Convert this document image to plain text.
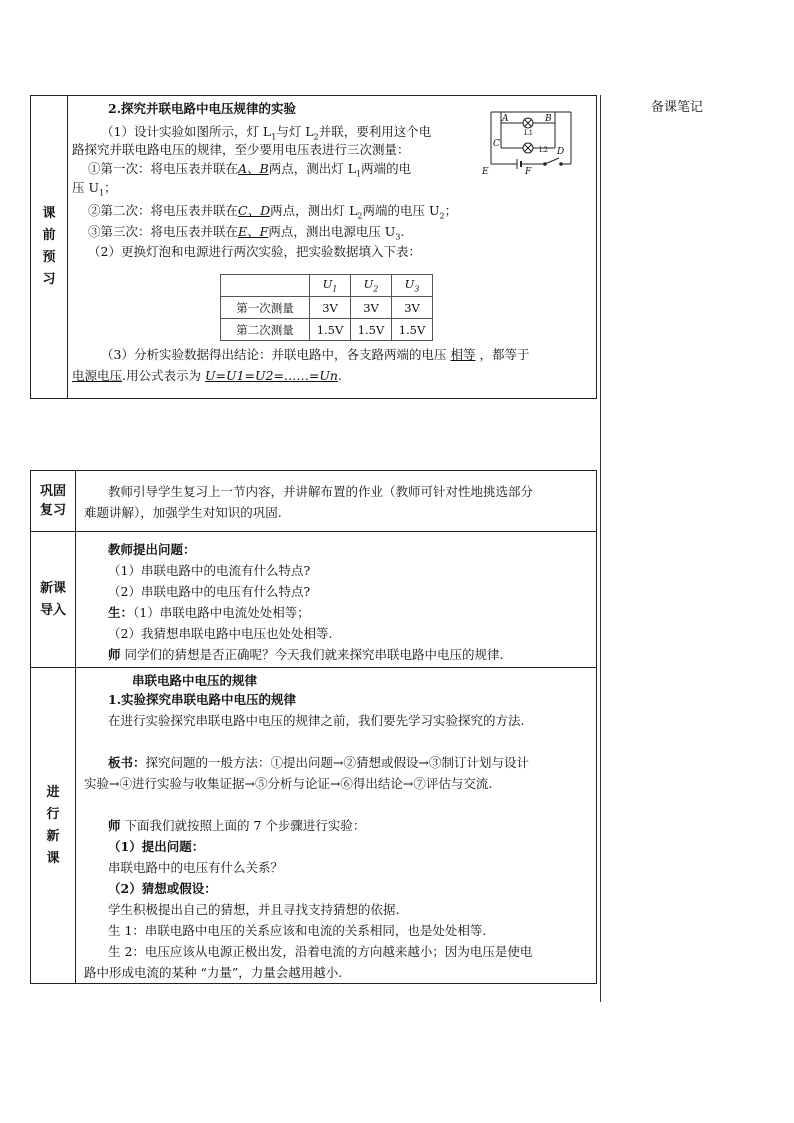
备课笔记
课
前
预
习
2.探究并联电路中电压规律的实验
（1）设计实验如图所示，灯 $L_1$与灯 $L_2$并联，要利用这个电
路探究并联电路电压的规律，至少要用电压表进行三次测量：
①第一次：将电压表并联在A、B两点，测出灯 $L_1$两端的电
压 $U_1$；
②第二次：将电压表并联在C、D两点，测出灯 $L_2$两端的电压 $U_2$；
③第三次：将电压表并联在E、F两点，测出电源电压 $U_3$.
（2）更换灯泡和电源进行两次实验，把实验数据填入下表：
	$U_1$	$U_2$	$U_3$
第一次测量	3V	3V	3V
第二次测量	1.5V	1.5V	1.5V
（3）分析实验数据得出结论：并联电路中，各支路两端的电压 相等 ，都等于
电源电压.用公式表示为 U=U1=U2=……=Un.
A	B
C
D
E	F
L1
L2
巩固
复习
教师引导学生复习上一节内容，并讲解布置的作业（教师可针对性地挑选部分
难题讲解），加强学生对知识的巩固.
新课
导入
教师提出问题：
（1）串联电路中的电流有什么特点?
（2）串联电路中的电压有什么特点?
生：（1）串联电路中电流处处相等；
（2）我猜想串联电路中电压也处处相等.
师 同学们的猜想是否正确呢？今天我们就来探究串联电路中电压的规律.
进
行
新
课
串联电路中电压的规律
1.实验探究串联电路中电压的规律
在进行实验探究串联电路中电压的规律之前，我们要先学习实验探究的方法.
板书：探究问题的一般方法：①提出问题→②猜想或假设→③制订计划与设计
实验→④进行实验与收集证据→⑤分析与论证→⑥得出结论→⑦评估与交流.
师 下面我们就按照上面的 7 个步骤进行实验：
（1）提出问题：
串联电路中的电压有什么关系？
（2）猜想或假设：
学生积极提出自己的猜想，并且寻找支持猜想的依据.
生 1：串联电路中电压的关系应该和电流的关系相同，也是处处相等.
生 2：电压应该从电源正极出发，沿着电流的方向越来越小；因为电压是使电
路中形成电流的某种 “力量”，力量会越用越小.
